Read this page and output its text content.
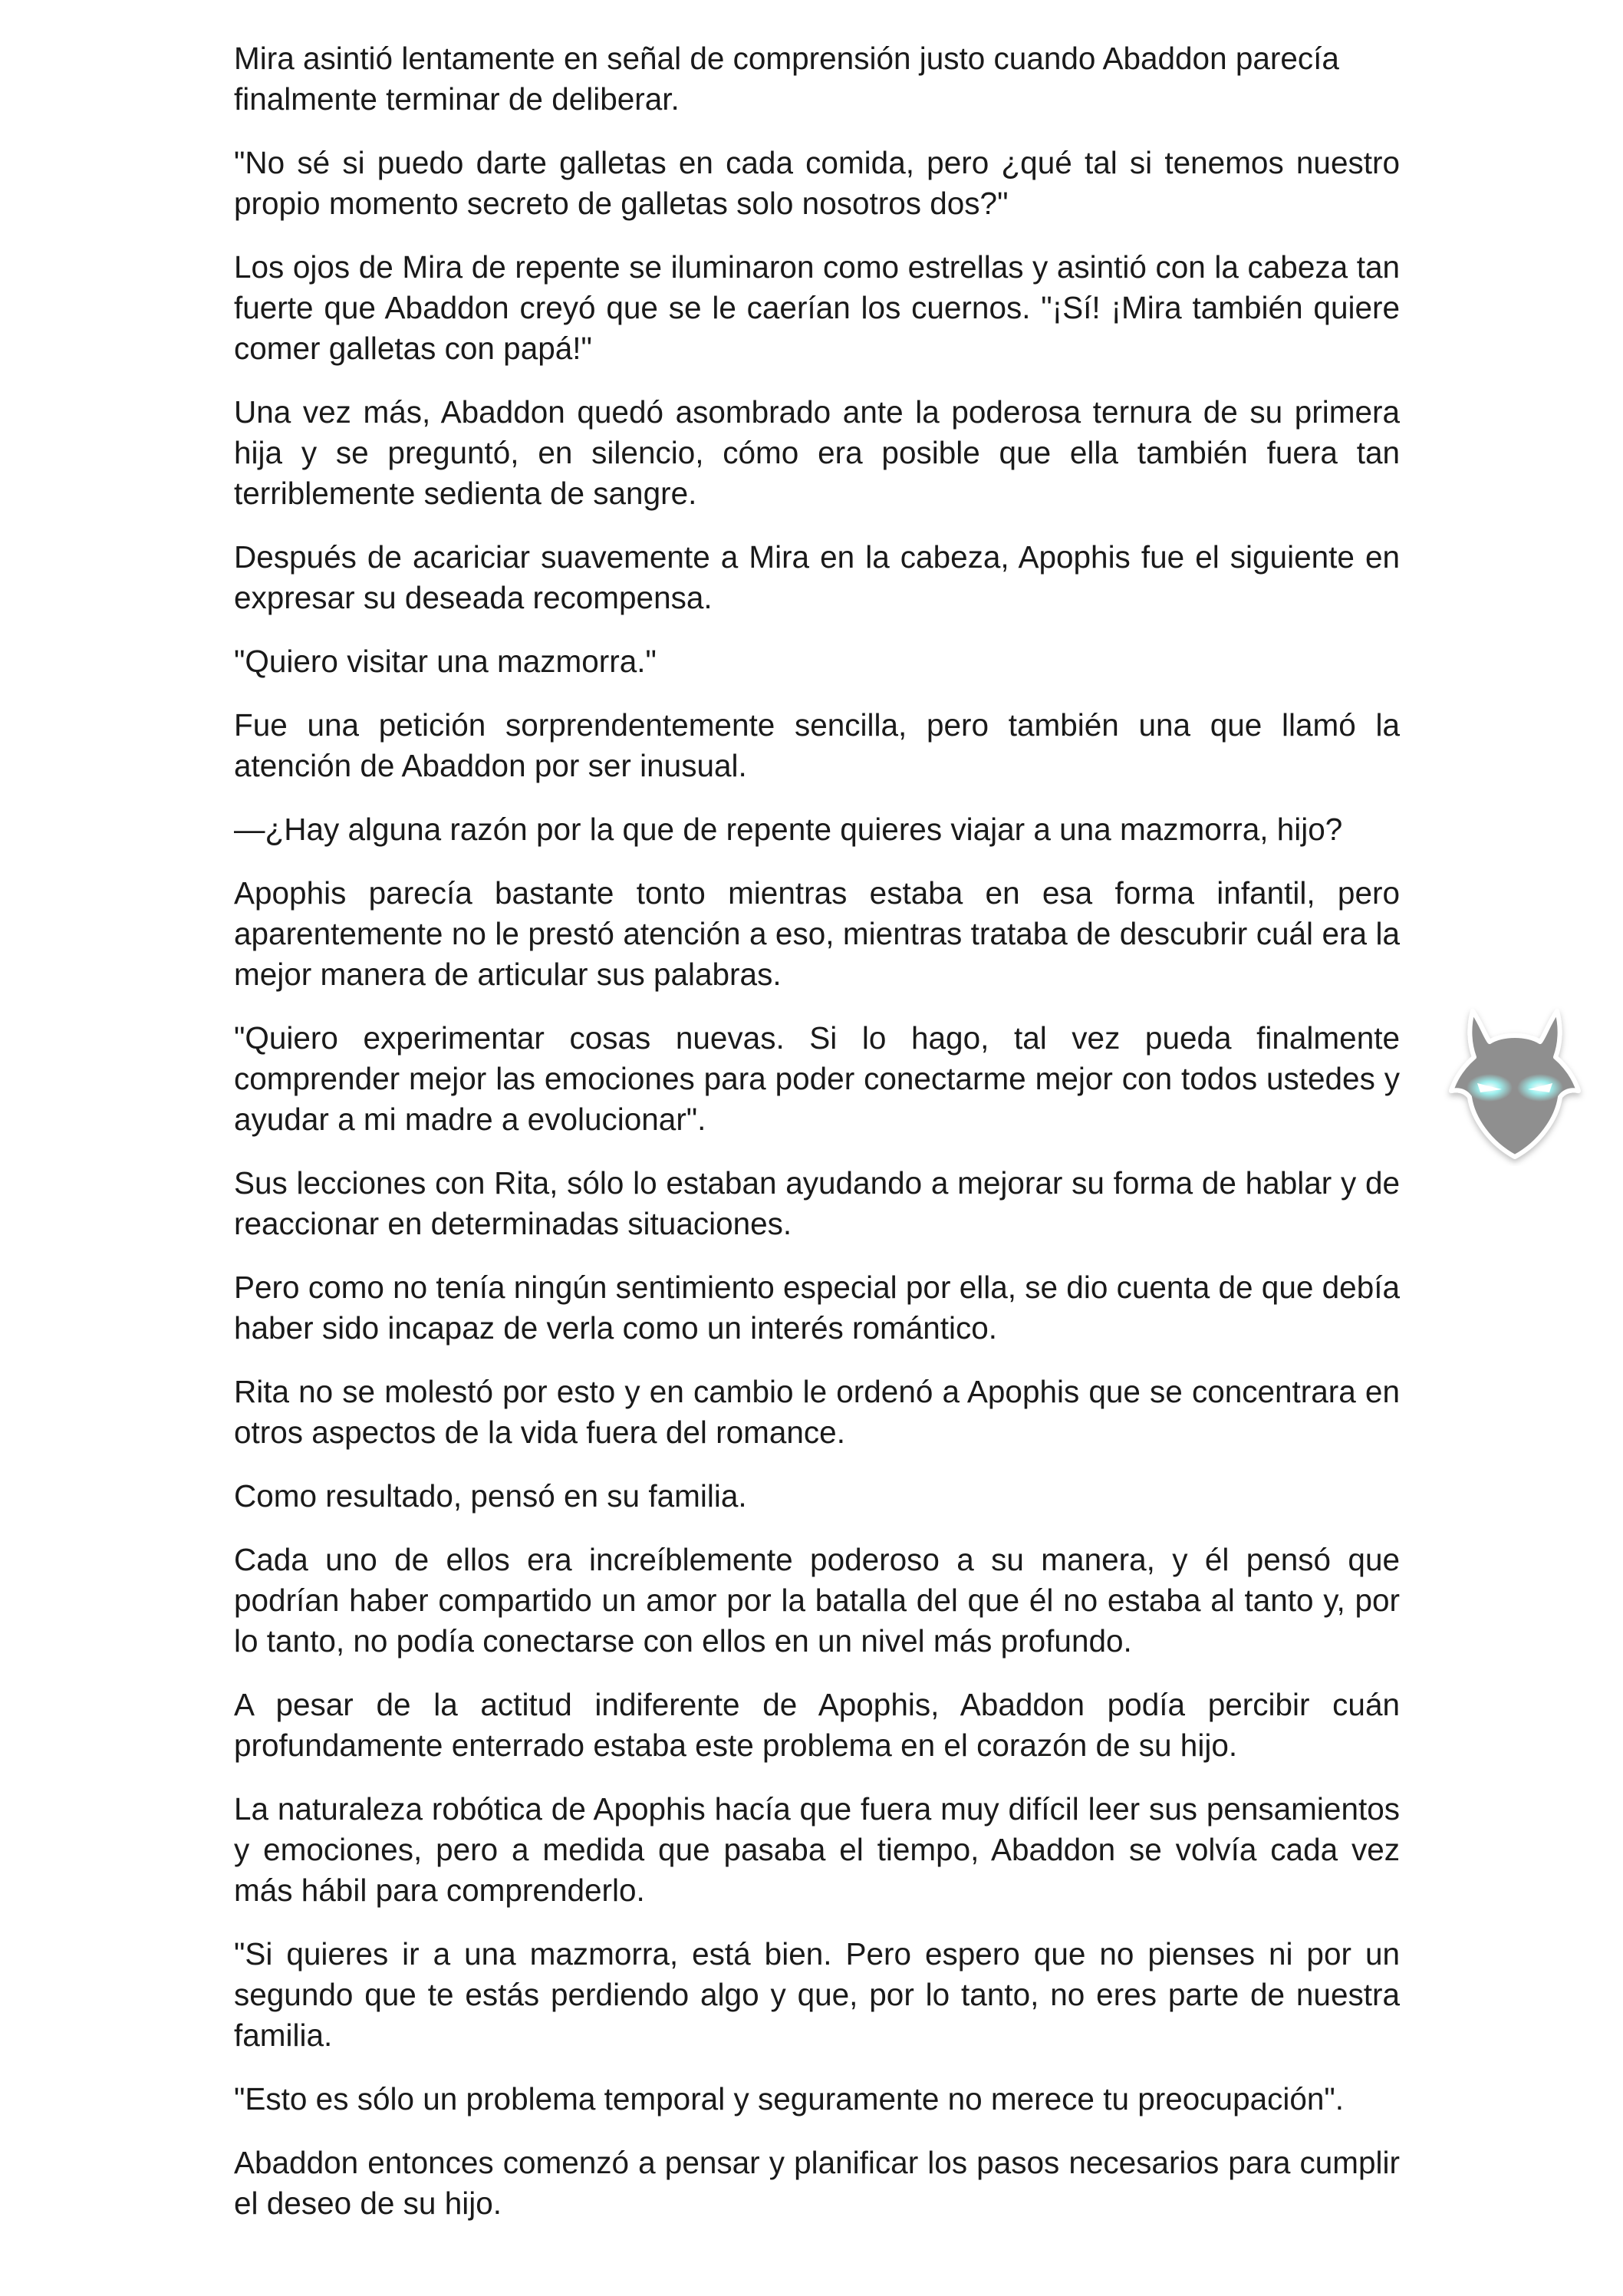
Mira asintió lentamente en señal de comprensión justo cuando Abaddon parecía finalmente terminar de deliberar.

"No sé si puedo darte galletas en cada comida, pero ¿qué tal si tenemos nuestro propio momento secreto de galletas solo nosotros dos?"

Los ojos de Mira de repente se iluminaron como estrellas y asintió con la cabeza tan fuerte que Abaddon creyó que se le caerían los cuernos. "¡Sí! ¡Mira también quiere comer galletas con papá!"

Una vez más, Abaddon quedó asombrado ante la poderosa ternura de su primera hija y se preguntó, en silencio, cómo era posible que ella también fuera tan terriblemente sedienta de sangre.

Después de acariciar suavemente a Mira en la cabeza, Apophis fue el siguiente en expresar su deseada recompensa.

"Quiero visitar una mazmorra."

Fue una petición sorprendentemente sencilla, pero también una que llamó la atención de Abaddon por ser inusual.

—¿Hay alguna razón por la que de repente quieres viajar a una mazmorra, hijo?

Apophis parecía bastante tonto mientras estaba en esa forma infantil, pero aparentemente no le prestó atención a eso, mientras trataba de descubrir cuál era la mejor manera de articular sus palabras.

"Quiero experimentar cosas nuevas. Si lo hago, tal vez pueda finalmente comprender mejor las emociones para poder conectarme mejor con todos ustedes y ayudar a mi madre a evolucionar".

Sus lecciones con Rita, sólo lo estaban ayudando a mejorar su forma de hablar y de reaccionar en determinadas situaciones.

Pero como no tenía ningún sentimiento especial por ella, se dio cuenta de que debía haber sido incapaz de verla como un interés romántico.

Rita no se molestó por esto y en cambio le ordenó a Apophis que se concentrara en otros aspectos de la vida fuera del romance.

Como resultado, pensó en su familia.

Cada uno de ellos era increíblemente poderoso a su manera, y él pensó que podrían haber compartido un amor por la batalla del que él no estaba al tanto y, por lo tanto, no podía conectarse con ellos en un nivel más profundo.

A pesar de la actitud indiferente de Apophis, Abaddon podía percibir cuán profundamente enterrado estaba este problema en el corazón de su hijo.

La naturaleza robótica de Apophis hacía que fuera muy difícil leer sus pensamientos y emociones, pero a medida que pasaba el tiempo, Abaddon se volvía cada vez más hábil para comprenderlo.

"Si quieres ir a una mazmorra, está bien. Pero espero que no pienses ni por un segundo que te estás perdiendo algo y que, por lo tanto, no eres parte de nuestra familia.

"Esto es sólo un problema temporal y seguramente no merece tu preocupación".

Abaddon entonces comenzó a pensar y planificar los pasos necesarios para cumplir el deseo de su hijo.
